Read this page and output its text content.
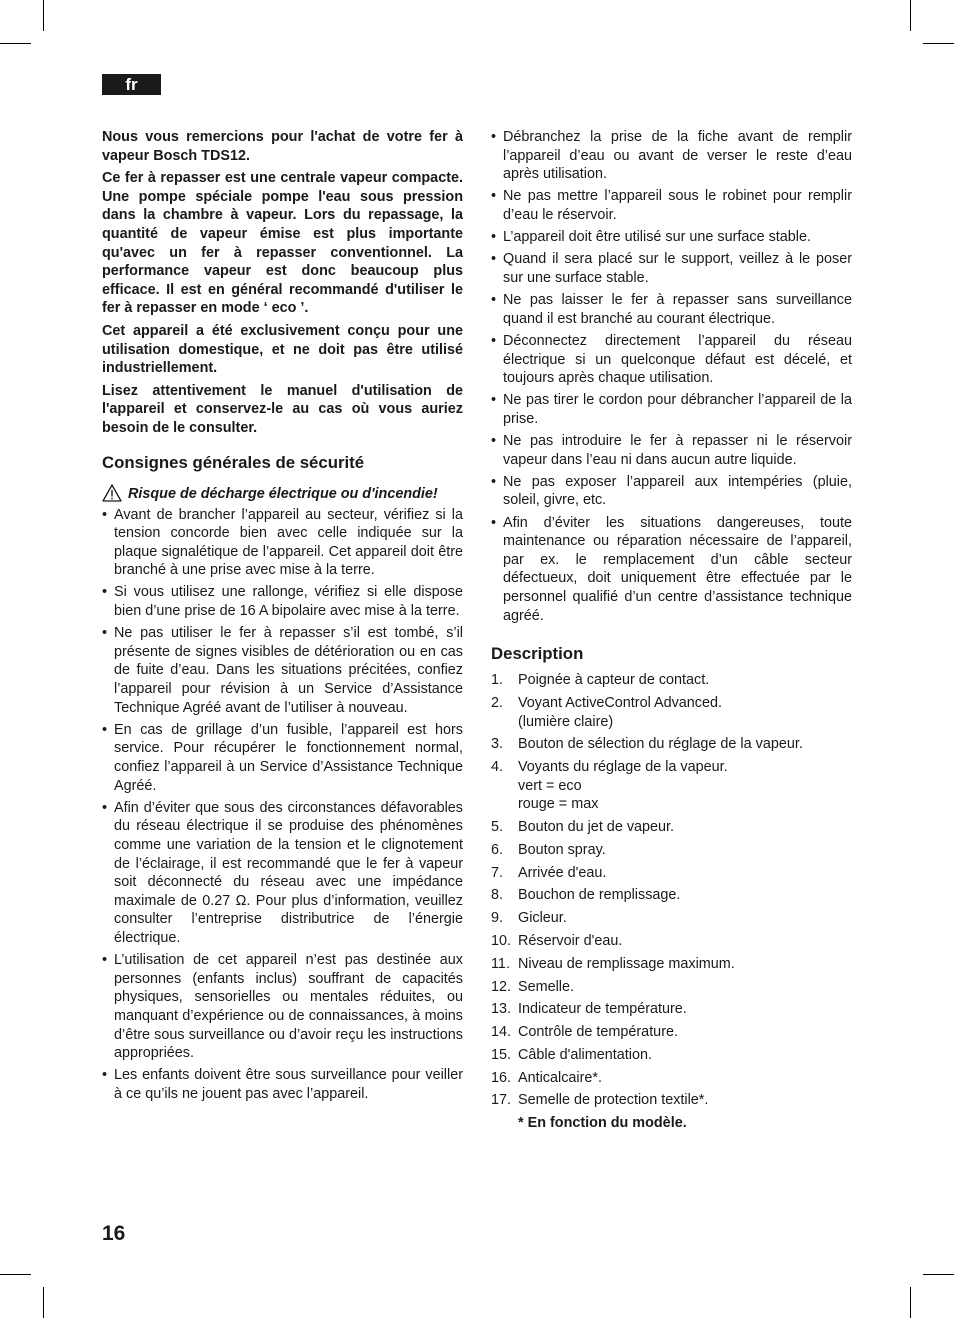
fr

Nous vous remercions pour l'achat de votre fer à vapeur Bosch TDS12.

Ce fer à repasser est une centrale vapeur compacte. Une pompe spéciale pompe l'eau sous pression dans la chambre à vapeur. Lors du repassage, la quantité de vapeur émise est plus importante qu'avec un fer à repasser conventionnel. La performance vapeur est donc beaucoup plus efficace. Il est en général recommandé d'utiliser le fer à repasser en mode ‘ eco ’.

Cet appareil a été exclusivement conçu pour une utilisation domestique, et ne doit pas être utilisé industriellement.

Lisez attentivement le manuel d'utilisation de l'appareil et conservez-le au cas où vous auriez besoin de le consulter.

Consignes générales de sécurité
Risque de décharge électrique ou d'incendie!
• Avant de brancher l’appareil au secteur, vérifiez si la tension concorde bien avec celle indiquée sur la plaque signalétique de l’appareil. Cet appareil doit être branché à une prise avec mise à la terre.
• Si vous utilisez une rallonge, vérifiez si elle dispose bien d’une prise de 16 A bipolaire avec mise à la terre.
• Ne pas utiliser le fer à repasser s’il est tombé, s’il présente de signes visibles de détérioration ou en cas de fuite d’eau. Dans les situations précitées, confiez l’appareil pour révision à un Service d’Assistance Technique Agréé avant de l’utiliser à nouveau.
• En cas de grillage d’un fusible, l’appareil est hors service. Pour récupérer le fonctionnement normal, confiez l’appareil à un Service d’Assistance Technique Agréé.
• Afin d’éviter que sous des circonstances défavorables du réseau électrique il se produise des phénomènes comme une variation de la tension et le clignotement de l’éclairage, il est recommandé que le fer à vapeur soit déconnecté du réseau avec une impédance maximale de 0.27 Ω. Pour plus d’information, veuillez consulter l’entreprise distributrice de l’énergie électrique.
• L’utilisation de cet appareil n’est pas destinée aux personnes (enfants inclus) souffrant de capacités physiques, sensorielles ou mentales réduites, ou manquant d’expérience ou de connaissances, à moins d’être sous surveillance ou d’avoir reçu les instructions appropriées.
• Les enfants doivent être sous surveillance pour veiller à ce qu’ils ne jouent pas avec l’appareil.
• Débranchez la prise de la fiche avant de remplir l’appareil d’eau ou avant de verser le reste d’eau après utilisation.
• Ne pas mettre l’appareil sous le robinet pour remplir d’eau le réservoir.
• L’appareil doit être utilisé sur une surface stable.
• Quand il sera placé sur le support, veillez à le poser sur une surface stable.
• Ne pas laisser le fer à repasser sans surveillance quand il est branché au courant électrique.
• Déconnectez directement l’appareil du réseau électrique si un quelconque défaut est décelé, et toujours après chaque utilisation.
• Ne pas tirer le cordon pour débrancher l’appareil de la prise.
• Ne pas introduire le fer à repasser ni le réservoir vapeur dans l’eau ni dans aucun autre liquide.
• Ne pas exposer l’appareil aux intempéries (pluie, soleil, givre, etc.
• Afin d’éviter les situations dangereuses, toute maintenance ou réparation nécessaire de l’appareil, par ex. le remplacement d’un câble secteur défectueux, doit uniquement être effectuée par le personnel qualifié d’un centre d’assistance technique agréé.
Description
1.	Poignée à capteur de contact.
2.	Voyant ActiveControl Advanced.
(lumière claire)
3.	Bouton de sélection du réglage de la vapeur.
4.	Voyants du réglage de la vapeur.
vert = eco
rouge = max
5.	Bouton du jet de vapeur.
6.	Bouton spray.
7.	Arrivée d'eau.
8.	Bouchon de remplissage.
9.	Gicleur.
10. Réservoir d'eau.
11. Niveau de remplissage maximum.
12. Semelle.
13. Indicateur de température.
14. Contrôle de température.
15. Câble d'alimentation.
16. Anticalcaire*.
17. Semelle de protection textile*.
* En fonction du modèle.
16
